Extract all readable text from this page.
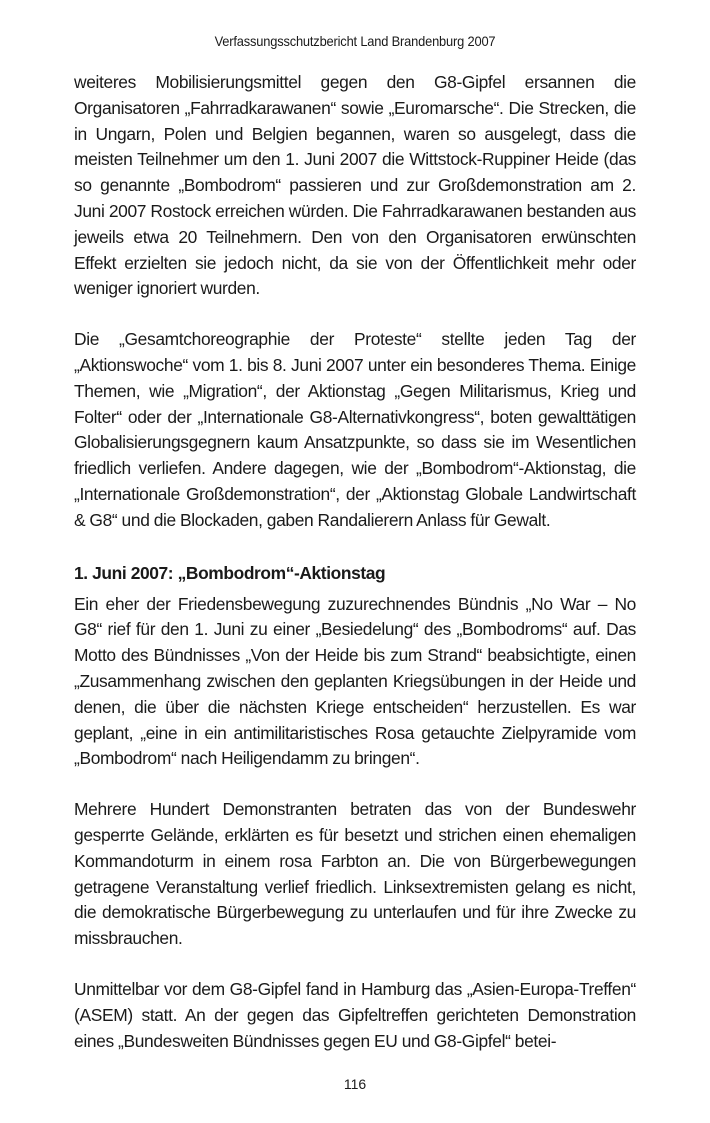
Verfassungsschutzbericht Land Brandenburg 2007

weiteres Mobilisierungsmittel gegen den G8-Gipfel ersannen die Organisatoren „Fahrradkarawanen“ sowie „Euromarsche“. Die Strecken, die in Ungarn, Polen und Belgien begannen, waren so ausgelegt, dass die meisten Teilnehmer um den 1. Juni 2007 die Wittstock-Ruppiner Heide (das so genannte „Bombodrom“ passieren und zur Großdemonstration am 2. Juni 2007 Rostock erreichen würden. Die Fahrradkarawanen bestanden aus jeweils etwa 20 Teilnehmern. Den von den Organisatoren erwünschten Effekt erzielten sie jedoch nicht, da sie von der Öffentlichkeit mehr oder weniger ignoriert wurden.

Die „Gesamtchoreographie der Proteste“ stellte jeden Tag der „Aktionswoche“ vom 1. bis 8. Juni 2007 unter ein besonderes Thema. Einige Themen, wie „Migration“, der Aktionstag „Gegen Militarismus, Krieg und Folter“ oder der „Internationale G8-Alternativkongress“, boten gewalttätigen Globalisierungsgegnern kaum Ansatzpunkte, so dass sie im Wesentlichen friedlich verliefen. Andere dagegen, wie der „Bombodrom“-Aktionstag, die „Internationale Großdemonstration“, der „Aktionstag Globale Landwirtschaft & G8“ und die Blockaden, gaben Randalierern Anlass für Gewalt.

1. Juni 2007: „Bombodrom“-Aktionstag

Ein eher der Friedensbewegung zuzurechnendes Bündnis „No War – No G8“ rief für den 1. Juni zu einer „Besiedelung“ des „Bombodroms“ auf. Das Motto des Bündnisses „Von der Heide bis zum Strand“ beabsichtigte, einen „Zusammenhang zwischen den geplanten Kriegsübungen in der Heide und denen, die über die nächsten Kriege entscheiden“ herzustellen. Es war geplant, „eine in ein antimilitaristisches Rosa getauchte Zielpyramide vom „Bombodrom“ nach Heiligendamm zu bringen“.

Mehrere Hundert Demonstranten betraten das von der Bundeswehr gesperrte Gelände, erklärten es für besetzt und strichen einen ehemaligen Kommandoturm in einem rosa Farbton an. Die von Bürgerbewegungen getragene Veranstaltung verlief friedlich. Linksextremisten gelang es nicht, die demokratische Bürgerbewegung zu unterlaufen und für ihre Zwecke zu missbrauchen.

Unmittelbar vor dem G8-Gipfel fand in Hamburg das „Asien-Europa-Treffen“ (ASEM) statt. An der gegen das Gipfeltreffen gerichteten Demonstration eines „Bundesweiten Bündnisses gegen EU und G8-Gipfel“ betei-

116
